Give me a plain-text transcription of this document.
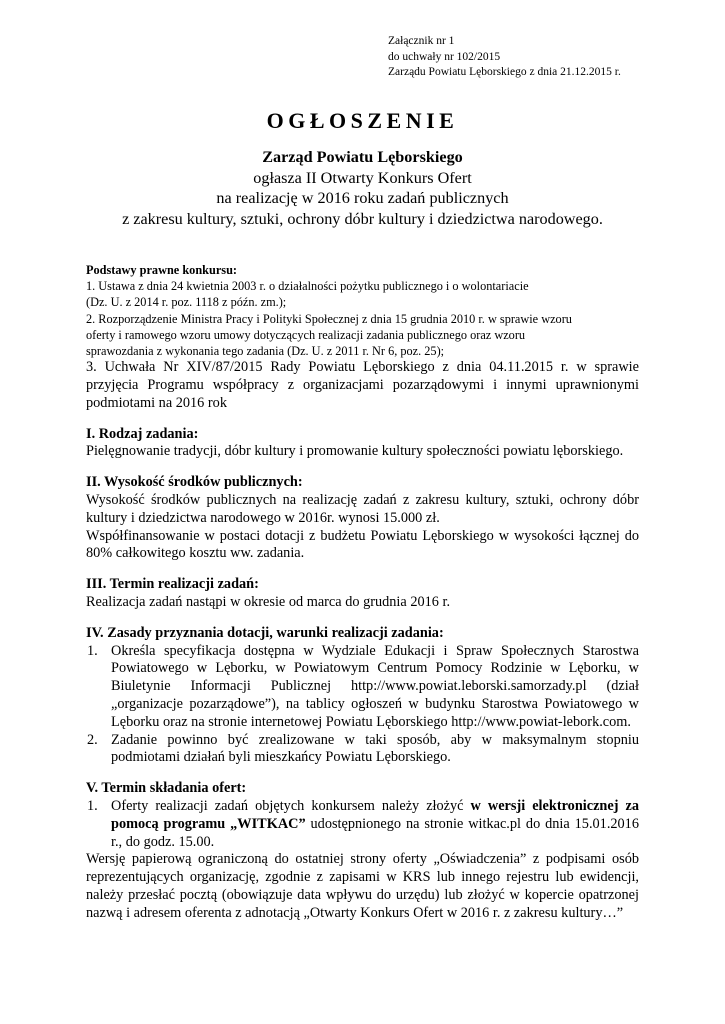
Załącznik nr 1
do uchwały nr 102/2015
Zarządu Powiatu Lęborskiego z dnia 21.12.2015 r.
OGŁOSZENIE
Zarząd Powiatu Lęborskiego
ogłasza II Otwarty Konkurs Ofert
na realizację w 2016 roku zadań publicznych
z zakresu kultury, sztuki, ochrony dóbr kultury i dziedzictwa narodowego.
Podstawy prawne konkursu:
1. Ustawa z dnia 24 kwietnia 2003 r. o działalności pożytku publicznego i o wolontariacie
(Dz. U. z 2014 r. poz. 1118 z późn. zm.);
2. Rozporządzenie Ministra Pracy i Polityki Społecznej z dnia 15 grudnia 2010 r. w sprawie wzoru
oferty i ramowego wzoru umowy dotyczących realizacji zadania publicznego oraz wzoru
sprawozdania z wykonania tego zadania (Dz. U. z 2011 r. Nr 6, poz. 25);
3. Uchwała Nr XIV/87/2015 Rady Powiatu Lęborskiego z dnia 04.11.2015 r. w sprawie przyjęcia Programu współpracy z organizacjami pozarządowymi i innymi uprawnionymi podmiotami na 2016 rok
I. Rodzaj zadania:
Pielęgnowanie tradycji, dóbr kultury i promowanie kultury społeczności powiatu lęborskiego.
II. Wysokość środków publicznych:
Wysokość środków publicznych na realizację zadań z zakresu kultury, sztuki, ochrony dóbr kultury i dziedzictwa narodowego w 2016r. wynosi 15.000 zł.
Współfinansowanie w postaci dotacji z budżetu Powiatu Lęborskiego w wysokości łącznej do 80% całkowitego kosztu ww. zadania.
III. Termin realizacji zadań:
Realizacja zadań nastąpi w okresie od marca do grudnia 2016 r.
IV. Zasady przyznania dotacji, warunki realizacji zadania:
1. Określa specyfikacja dostępna w Wydziale Edukacji i Spraw Społecznych Starostwa Powiatowego w Lęborku, w Powiatowym Centrum Pomocy Rodzinie w Lęborku, w Biuletynie Informacji Publicznej http://www.powiat.leborski.samorzady.pl (dział „organizacje pozarządowe”), na tablicy ogłoszeń w budynku Starostwa Powiatowego w Lęborku oraz na stronie internetowej Powiatu Lęborskiego http://www.powiat-lebork.com.
2. Zadanie powinno być zrealizowane w taki sposób, aby w maksymalnym stopniu podmiotami działań byli mieszkańcy Powiatu Lęborskiego.
V. Termin składania ofert:
1. Oferty realizacji zadań objętych konkursem należy złożyć w wersji elektronicznej za pomocą programu „WITKAC” udostępnionego na stronie witkac.pl do dnia 15.01.2016 r., do godz. 15.00.
Wersję papierową ograniczoną do ostatniej strony oferty „Oświadczenia” z podpisami osób reprezentujących organizację, zgodnie z zapisami w KRS lub innego rejestru lub ewidencji, należy przesłać pocztą (obowiązuje data wpływu do urzędu) lub złożyć w kopercie opatrzonej nazwą i adresem oferenta z adnotacją „Otwarty Konkurs Ofert w 2016 r. z zakresu kultury…”
